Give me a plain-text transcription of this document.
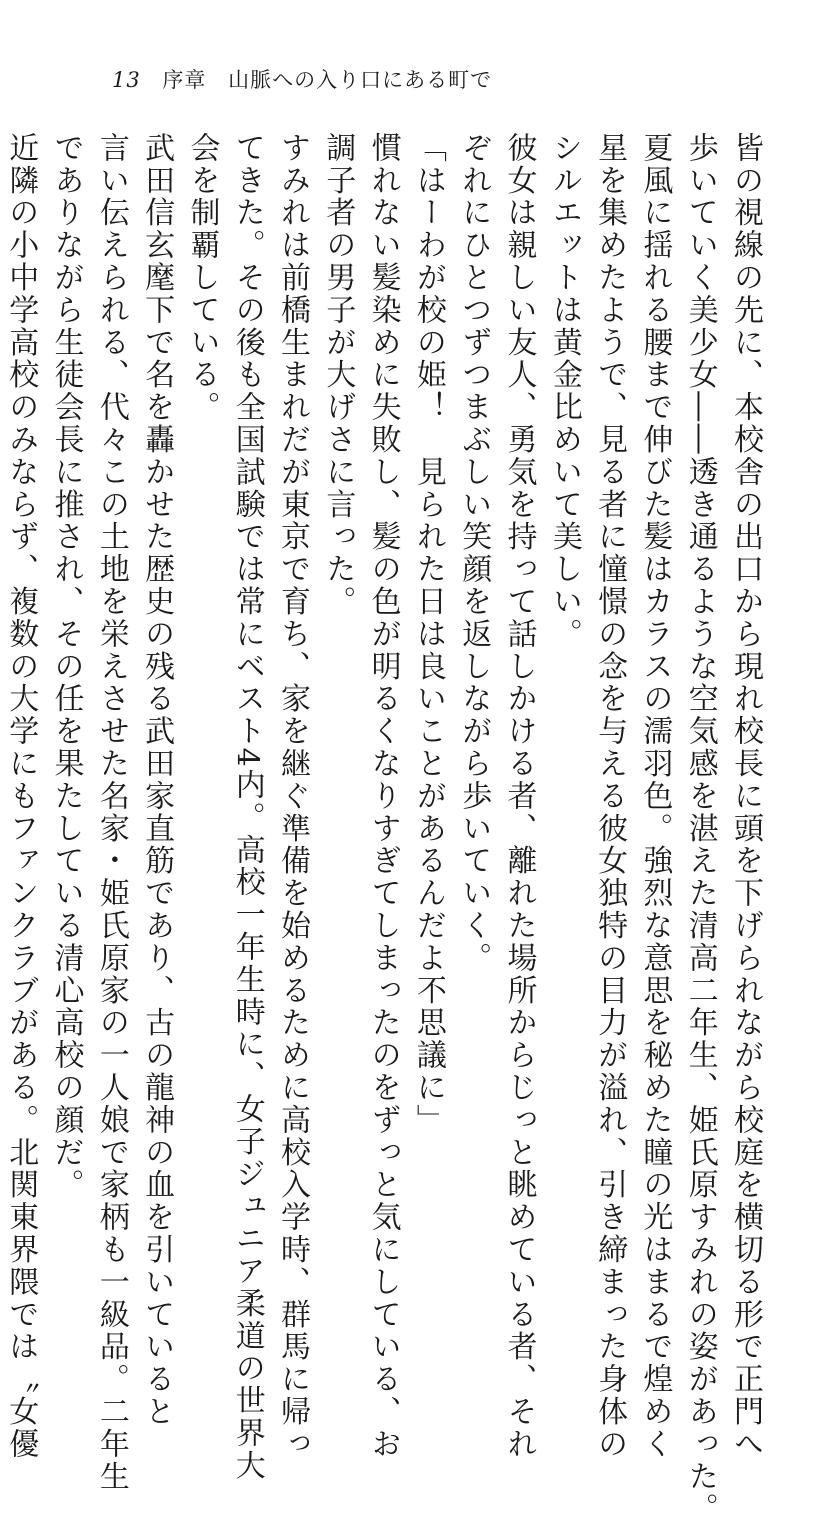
13 序章 山脈への入り口にある町で

皆の視線の先に、本校舎の出口から現れ校長に頭を下げられながら校庭を横切る形で正門へ

歩いていく美少女――透き通るような空気感を湛えた清高二年生、姫氏原すみれの姿があった。

夏風に揺れる腰まで伸びた髪はカラスの濡羽色。強烈な意思を秘めた瞳の光はまるで煌めく

星を集めたようで、見る者に憧憬の念を与える彼女独特の目力が溢れ、引き締まった身体の

シルエットは黄金比めいて美しい。

彼女は親しい友人、勇気を持って話しかける者、離れた場所からじっと眺めている者、それ

ぞれにひとつずつまぶしい笑顔を返しながら歩いていく。

「はーわが校の姫！　見られた日は良いことがあるんだよ不思議に」

慣れない髪染めに失敗し、髪の色が明るくなりすぎてしまったのをずっと気にしている、お

調子者の男子が大げさに言った。

すみれは前橋生まれだが東京で育ち、家を継ぐ準備を始めるために高校入学時、群馬に帰っ

てきた。その後も全国試験では常にベスト4内。高校一年生時に、女子ジュニア柔道の世界大

会を制覇している。

武田信玄麾下で名を轟かせた歴史の残る武田家直筋であり、古の龍神の血を引いていると

言い伝えられる、代々この土地を栄えさせた名家・姫氏原家の一人娘で家柄も一級品。二年生

でありながら生徒会長に推され、その任を果たしている清心高校の顔だ。

近隣の小中学高校のみならず、複数の大学にもファンクラブがある。北関東界隈では〝女優
